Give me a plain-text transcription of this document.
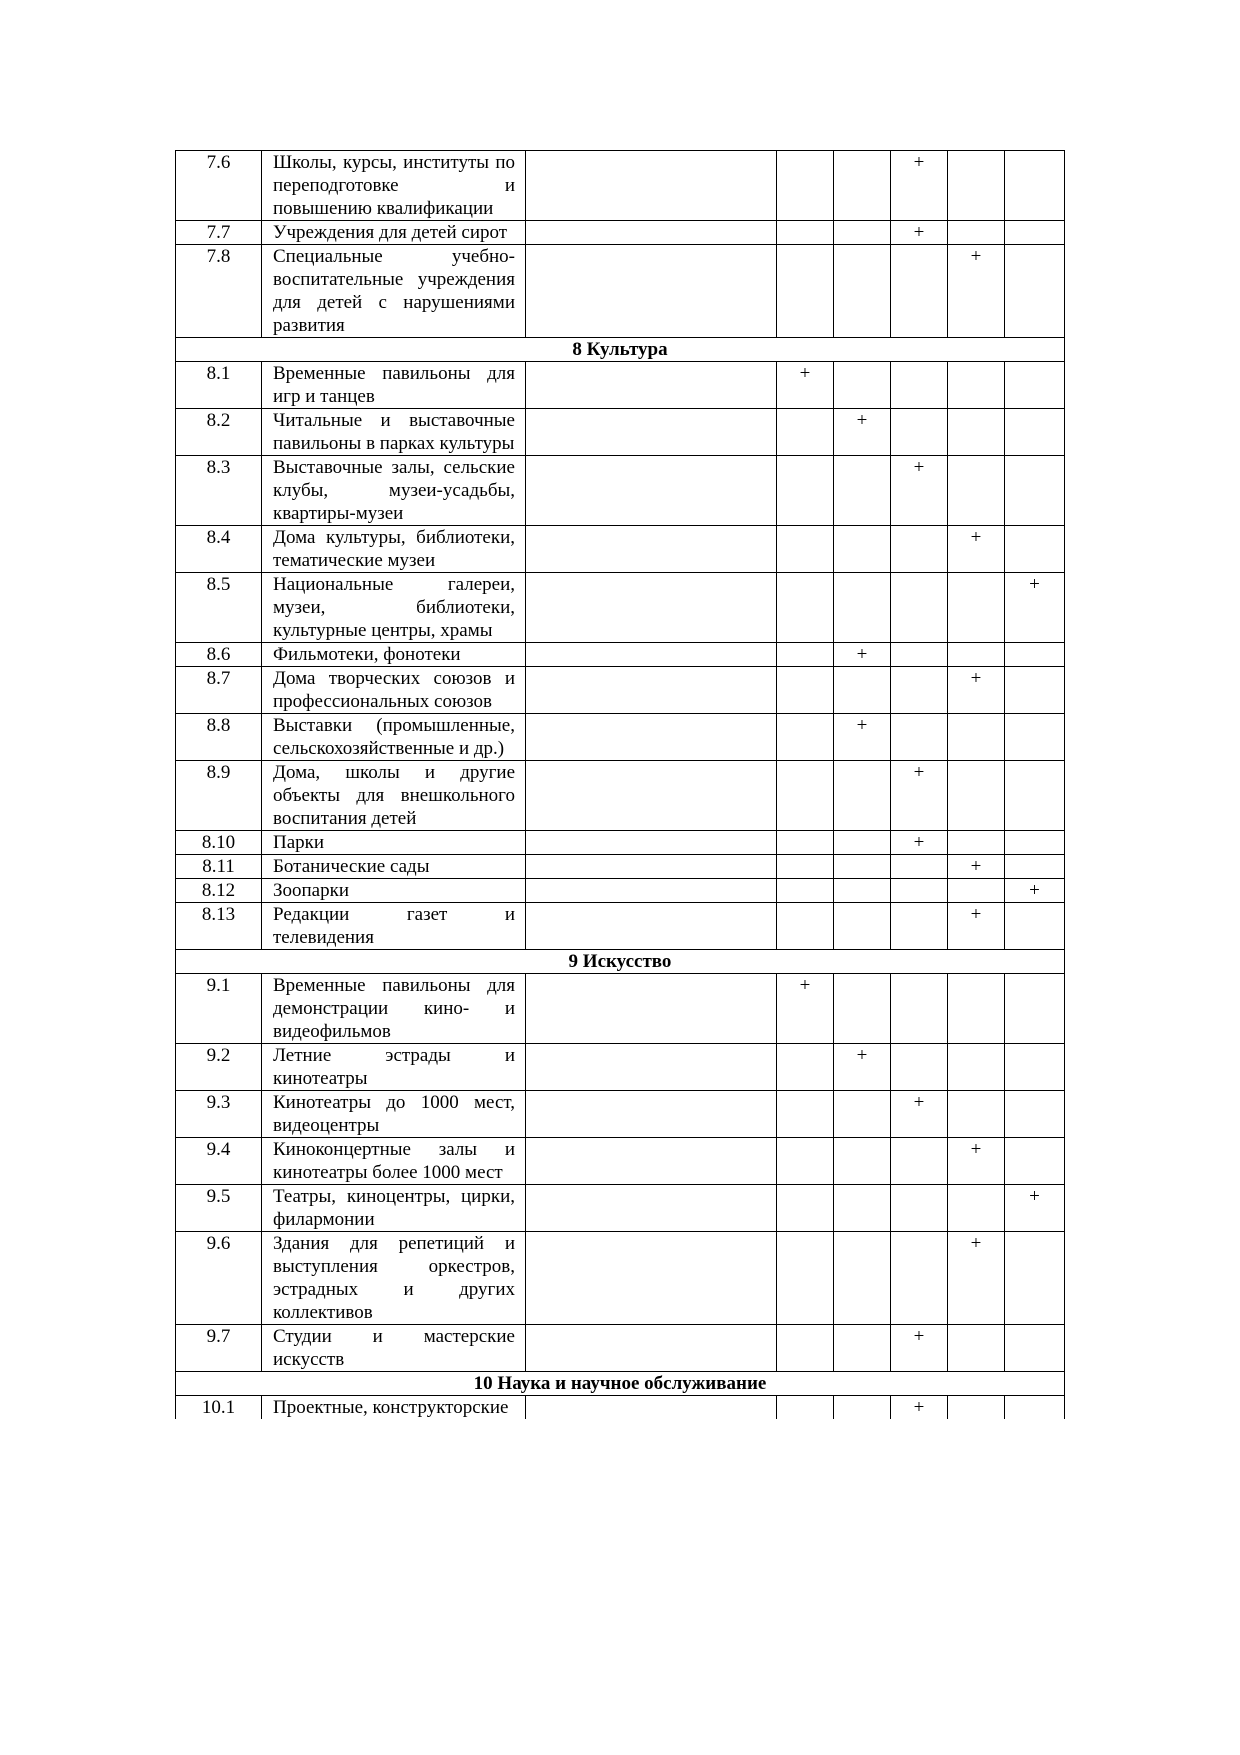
7.6	Школы, курсы, институты по переподготовке и повышению квалификации				+		
7.7	Учреждения для детей сирот				+		
7.8	Специальные учебно-воспитательные учреждения для детей с нарушениями развития					+	
8 Культура							
8.1	Временные павильоны для игр и танцев		+				
8.2	Читальные и выставочные павильоны в парках культуры			+			
8.3	Выставочные залы, сельские клубы, музеи-усадьбы, квартиры-музеи				+		
8.4	Дома культуры, библиотеки, тематические музеи					+	
8.5	Национальные галереи, музеи, библиотеки, культурные центры, храмы						+
8.6	Фильмотеки, фонотеки			+			
8.7	Дома творческих союзов и профессиональных союзов					+	
8.8	Выставки (промышленные, сельскохозяйственные и др.)			+			
8.9	Дома, школы и другие объекты для внешкольного воспитания детей				+		
8.10	Парки				+		
8.11	Ботанические сады					+	
8.12	Зоопарки						+
8.13	Редакции газет и телевидения					+	
9 Искусство							
9.1	Временные павильоны для демонстрации кино- и видеофильмов		+				
9.2	Летние эстрады и кинотеатры			+			
9.3	Кинотеатры до 1000 мест, видеоцентры				+		
9.4	Киноконцертные залы и кинотеатры более 1000 мест					+	
9.5	Театры, киноцентры, цирки, филармонии						+
9.6	Здания для репетиций и выступления оркестров, эстрадных и других коллективов					+	
9.7	Студии и мастерские искусств				+		
10 Наука и научное обслуживание							
10.1	Проектные, конструкторские				+		
